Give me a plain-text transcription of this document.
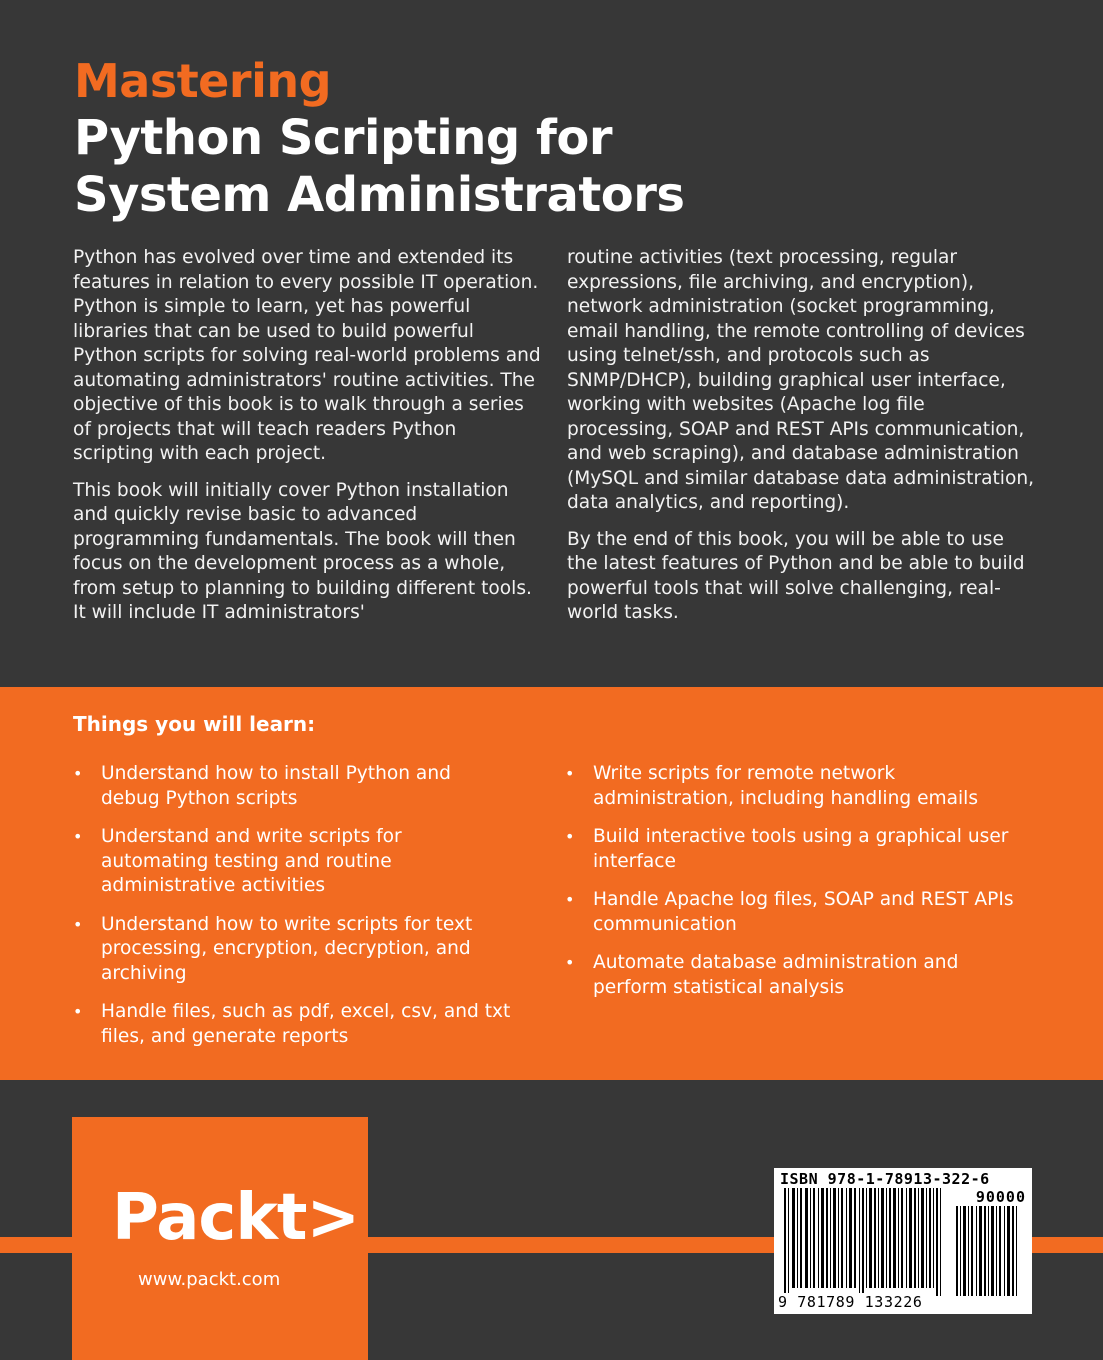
Mastering
Python Scripting for
System Administrators

Python has evolved over time and extended its features in relation to every possible IT operation. Python is simple to learn, yet has powerful libraries that can be used to build powerful Python scripts for solving real-world problems and automating administrators' routine activities. The objective of this book is to walk through a series of projects that will teach readers Python scripting with each project.

This book will initially cover Python installation and quickly revise basic to advanced programming fundamentals. The book will then focus on the development process as a whole, from setup to planning to building different tools. It will include IT administrators'

routine activities (text processing, regular expressions, file archiving, and encryption), network administration (socket programming, email handling, the remote controlling of devices using telnet/ssh, and protocols such as SNMP/DHCP), building graphical user interface, working with websites (Apache log file processing, SOAP and REST APIs communication, and web scraping), and database administration (MySQL and similar database data administration, data analytics, and reporting).

By the end of this book, you will be able to use the latest features of Python and be able to build powerful tools that will solve challenging, real-world tasks.

Things you will learn:
• Understand how to install Python and debug Python scripts
• Understand and write scripts for automating testing and routine administrative activities
• Understand how to write scripts for text processing, encryption, decryption, and archiving
• Handle files, such as pdf, excel, csv, and txt files, and generate reports
• Write scripts for remote network administration, including handling emails
• Build interactive tools using a graphical user interface
• Handle Apache log files, SOAP and REST APIs communication
• Automate database administration and perform statistical analysis
Packt>
www.packt.com
ISBN 978-1-78913-322-6
90000
9 781789 133226
